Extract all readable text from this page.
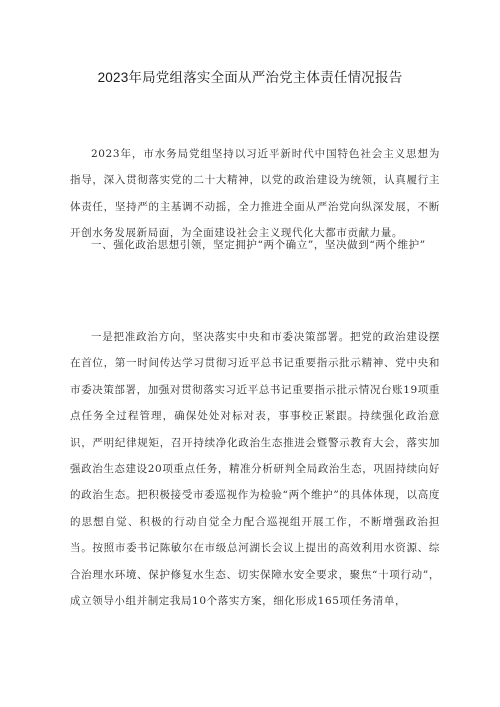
2023年局党组落实全面从严治党主体责任情况报告

2023年，市水务局党组坚持以习近平新时代中国特色社会主义思想为指导，深入贯彻落实党的二十大精神，以党的政治建设为统领，认真履行主体责任，坚持严的主基调不动摇，全力推进全面从严治党向纵深发展，不断开创水务发展新局面，为全面建设社会主义现代化大都市贡献力量。

一、强化政治思想引领，坚定拥护“两个确立”，坚决做到“两个维护”

一是把准政治方向，坚决落实中央和市委决策部署。把党的政治建设摆在首位，第一时间传达学习贯彻习近平总书记重要指示批示精神、党中央和市委决策部署，加强对贯彻落实习近平总书记重要指示批示情况台账19项重点任务全过程管理，确保处处对标对表，事事校正紧跟。持续强化政治意识，严明纪律规矩，召开持续净化政治生态推进会暨警示教育大会，落实加强政治生态建设20项重点任务，精准分析研判全局政治生态，巩固持续向好的政治生态。把积极接受市委巡视作为检验“两个维护”的具体体现，以高度的思想自觉、积极的行动自觉全力配合巡视组开展工作，不断增强政治担当。按照市委书记陈敏尔在市级总河湖长会议上提出的高效利用水资源、综合治理水环境、保护修复水生态、切实保障水安全要求，聚焦“十项行动”，成立领导小组并制定我局10个落实方案，细化形成165项任务清单，
